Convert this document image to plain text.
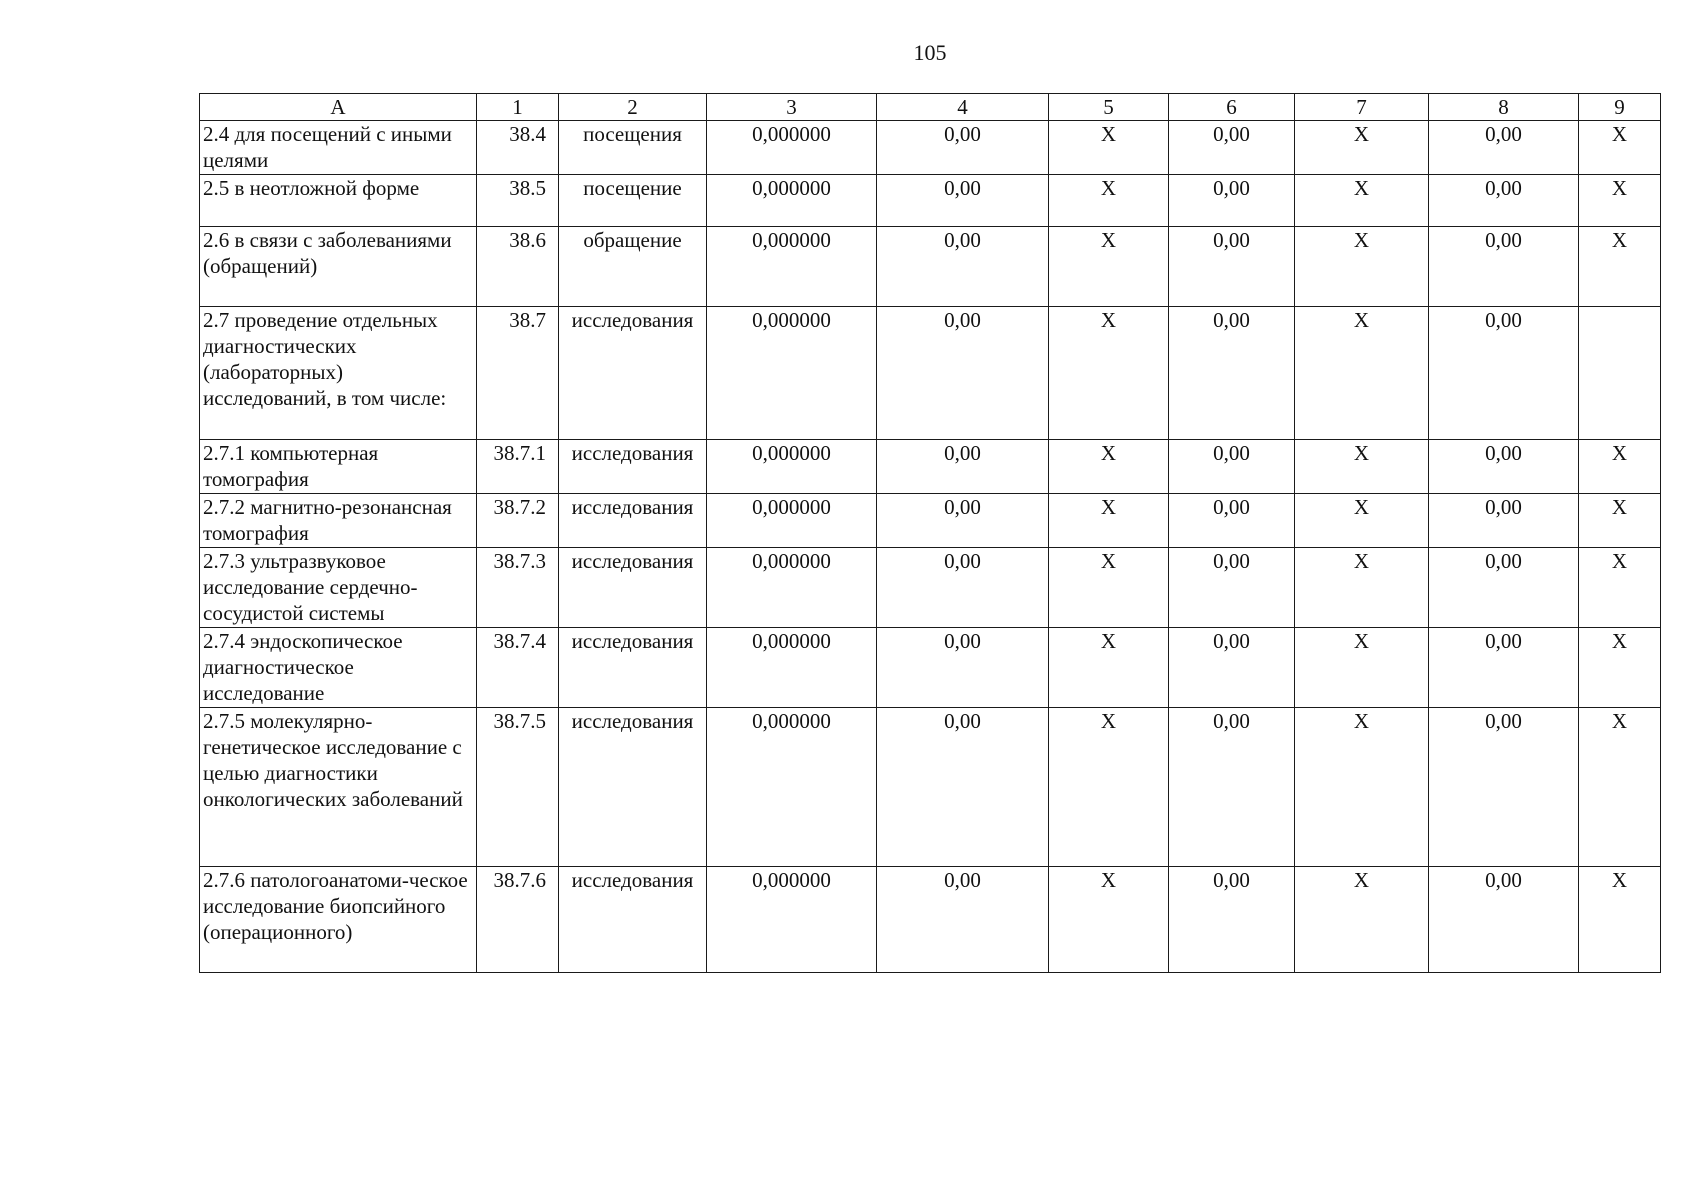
105
А	1	2	3	4	5	6	7	8	9
2.4 для посещений с иными целями	38.4	посещения	0,000000	0,00	Х	0,00	Х	0,00	Х
2.5 в неотложной форме	38.5	посещение	0,000000	0,00	Х	0,00	Х	0,00	Х
2.6 в связи с заболеваниями (обращений)	38.6	обращение	0,000000	0,00	Х	0,00	Х	0,00	Х
2.7 проведение отдельных диагностических (лабораторных) исследований, в том числе:	38.7	исследования	0,000000	0,00	Х	0,00	Х	0,00	
2.7.1 компьютерная томография	38.7.1	исследования	0,000000	0,00	Х	0,00	Х	0,00	Х
2.7.2 магнитно-резонансная томография	38.7.2	исследования	0,000000	0,00	Х	0,00	Х	0,00	Х
2.7.3 ультразвуковое исследование сердечно-сосудистой системы	38.7.3	исследования	0,000000	0,00	Х	0,00	Х	0,00	Х
2.7.4 эндоскопическое диагностическое исследование	38.7.4	исследования	0,000000	0,00	Х	0,00	Х	0,00	Х
2.7.5 молекулярно-генетическое исследование с целью диагностики онкологических заболеваний	38.7.5	исследования	0,000000	0,00	Х	0,00	Х	0,00	Х
2.7.6 патологоанатоми-ческое исследование биопсийного (операционного)	38.7.6	исследования	0,000000	0,00	Х	0,00	Х	0,00	Х
